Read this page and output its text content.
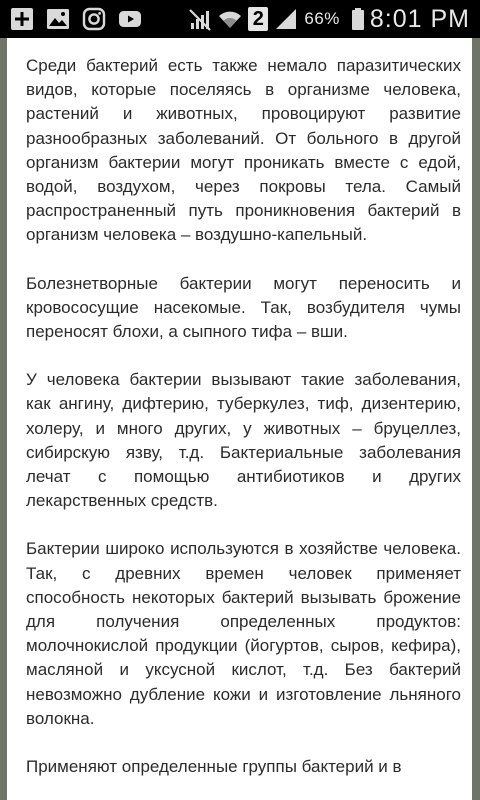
2 66% 8:01 PM

Среди бактерий есть также немало паразитических видов, которые поселяясь в организме человека, растений и животных, провоцируют развитие разнообразных заболеваний. От больного в другой организм бактерии могут проникать вместе с едой, водой, воздухом, через покровы тела. Самый распространенный путь проникновения бактерий в организм человека – воздушно-капельный.

Болезнетворные бактерии могут переносить и кровососущие насекомые. Так, возбудителя чумы переносят блохи, а сыпного тифа – вши.

У человека бактерии вызывают такие заболевания, как ангину, дифтерию, туберкулез, тиф, дизентерию, холеру, и много других, у животных – бруцеллез, сибирскую язву, т.д. Бактериальные заболевания лечат с помощью антибиотиков и других лекарственных средств.

Бактерии широко используются в хозяйстве человека. Так, с древних времен человек применяет способность некоторых бактерий вызывать брожение для получения определенных продуктов: молочнокислой продукции (йогуртов, сыров, кефира), масляной и уксусной кислот, т.д. Без бактерий невозможно дубление кожи и изготовление льняного волокна.

Применяют определенные группы бактерий и в
